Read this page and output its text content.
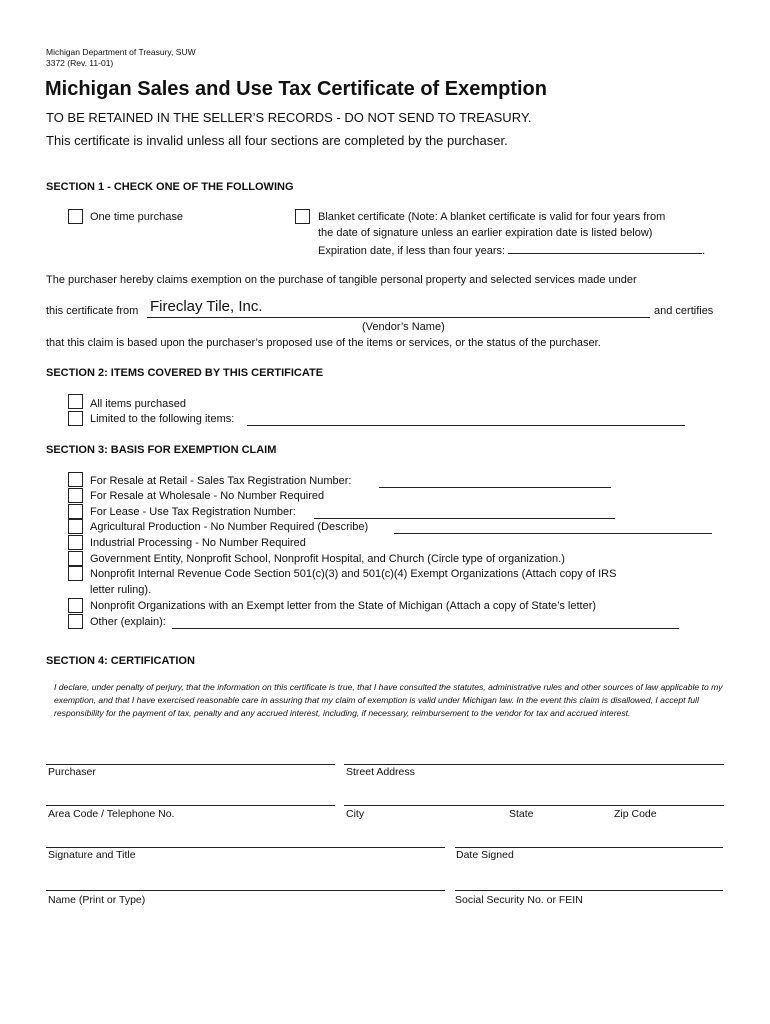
Michigan Department of Treasury, SUW
3372 (Rev. 11-01)
Michigan Sales and Use Tax Certificate of Exemption
TO BE RETAINED IN THE SELLER’S RECORDS - DO NOT SEND TO TREASURY.
This certificate is invalid unless all four sections are completed by the purchaser.
SECTION 1 - CHECK ONE OF THE FOLLOWING
One time purchase	Blanket certificate (Note: A blanket certificate is valid for four years from
the date of signature unless an earlier expiration date is listed below)
Expiration date, if less than four years:	.
The purchaser hereby claims exemption on the purchase of tangible personal property and selected services made under
this certificate from Fireclay Tile, Inc.	and certifies
(Vendor’s Name)
that this claim is based upon the purchaser’s proposed use of the items or services, or the status of the purchaser.
SECTION 2: ITEMS COVERED BY THIS CERTIFICATE
All items purchased
Limited to the following items:
SECTION 3: BASIS FOR EXEMPTION CLAIM
For Resale at Retail - Sales Tax Registration Number:
For Resale at Wholesale - No Number Required
For Lease - Use Tax Registration Number:
Agricultural Production - No Number Required (Describe)
Industrial Processing - No Number Required
Government Entity, Nonprofit School, Nonprofit Hospital, and Church (Circle type of organization.)
Nonprofit Internal Revenue Code Section 501(c)(3) and 501(c)(4) Exempt Organizations (Attach copy of IRS
letter ruling).
Nonprofit Organizations with an Exempt letter from the State of Michigan (Attach a copy of State’s letter)
Other (explain):
SECTION 4: CERTIFICATION
I declare, under penalty of perjury, that the information on this certificate is true, that I have consulted the statutes, administrative rules and other sources of law applicable to my exemption, and that I have exercised reasonable care in assuring that my claim of exemption is valid under Michigan law. In the event this claim is disallowed, I accept full responsibility for the payment of tax, penalty and any accrued interest, including, if necessary, reimbursement to the vendor for tax and accrued interest.
Purchaser	Street Address
Area Code / Telephone No.	City	State	Zip Code
Signature and Title	Date Signed
Name (Print or Type)	Social Security No. or FEIN
